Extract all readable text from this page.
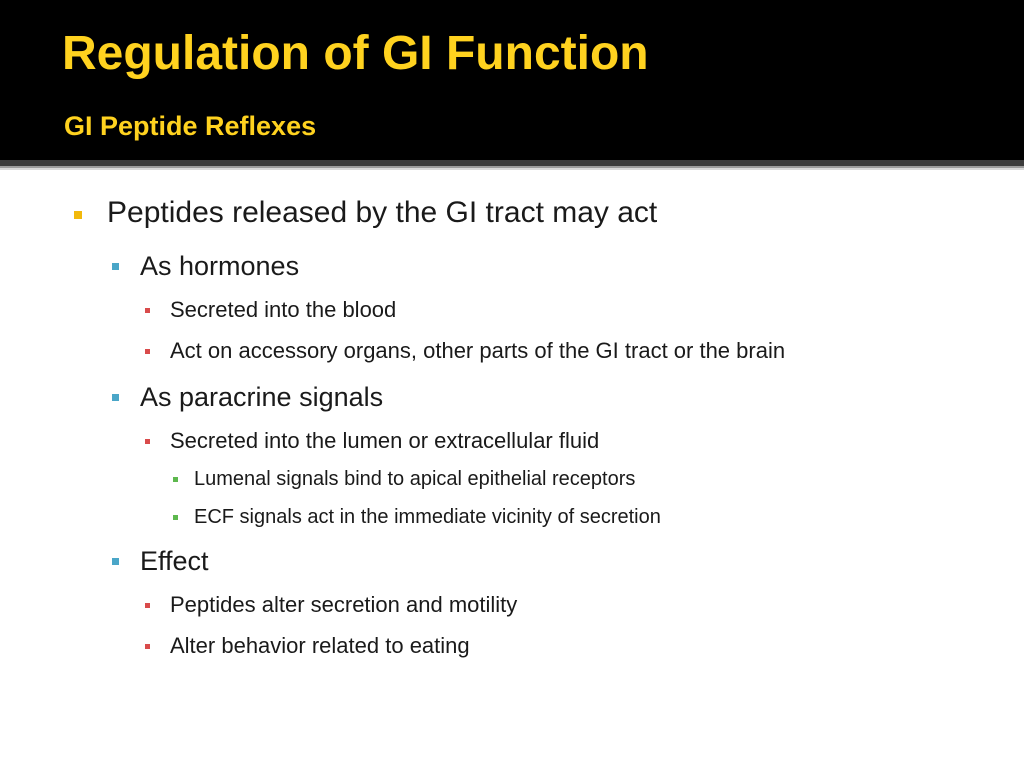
Regulation of GI Function
GI Peptide Reflexes
Peptides released by the GI tract may act
As hormones
Secreted into the blood
Act on accessory organs, other parts of the GI tract or the brain
As paracrine signals
Secreted into the lumen or extracellular fluid
Lumenal signals bind to apical epithelial receptors
ECF signals act in the immediate vicinity of secretion
Effect
Peptides alter secretion and motility
Alter behavior related to eating
